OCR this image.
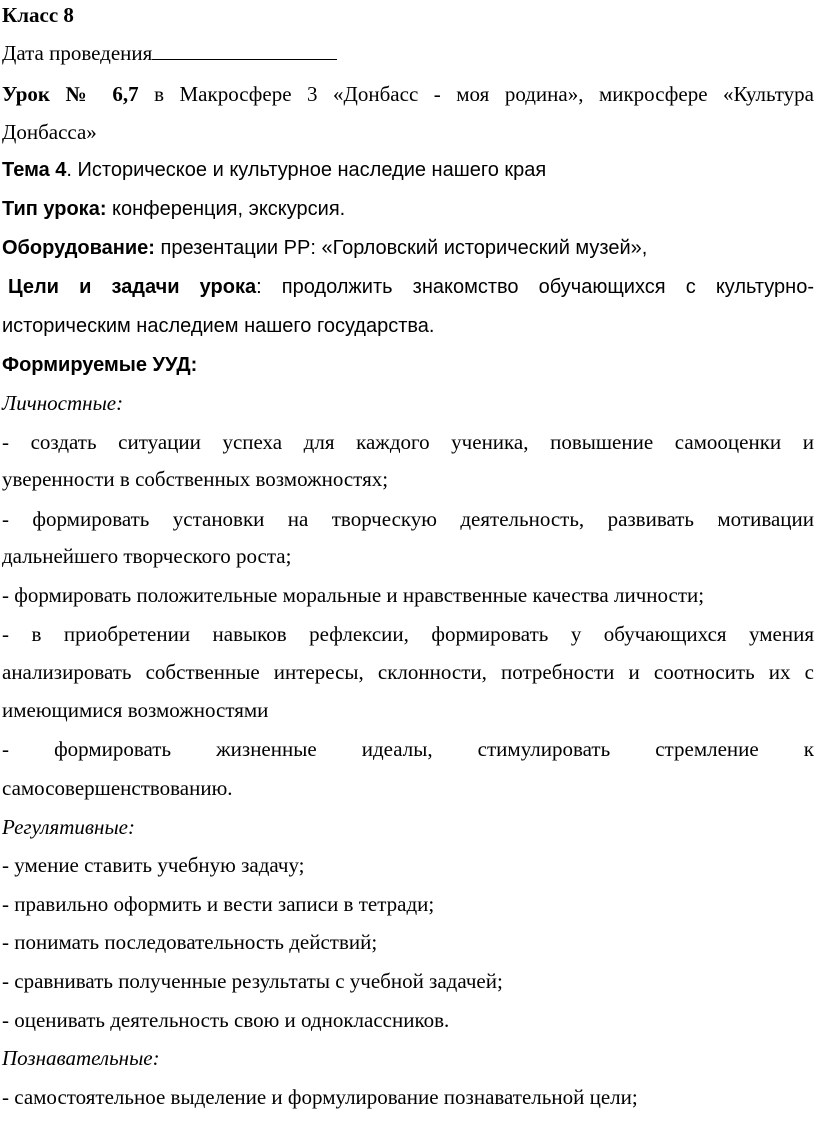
Класс 8
Дата проведения
Урок № 6,7 в Макросфере 3 «Донбасс - моя родина», микросфере «Культура
Донбасса»
Тема 4. Историческое и культурное наследие нашего края
Тип урока: конференция, экскурсия.
Оборудование: презентации PP: «Горловский исторический музей»,
Цели и задачи урока: продолжить знакомство обучающихся с культурно-
историческим наследием нашего государства.
Формируемые УУД:
Личностные:
- создать ситуации успеха для каждого ученика, повышение самооценки и
уверенности в собственных возможностях;
- формировать установки на творческую деятельность, развивать мотивации
дальнейшего творческого роста;
- формировать положительные моральные и нравственные качества личности;
- в приобретении навыков рефлексии, формировать у обучающихся умения
анализировать собственные интересы, склонности, потребности и соотносить их с
имеющимися возможностями
- формировать жизненные идеалы, стимулировать стремление к
самосовершенствованию.
Регулятивные:
- умение ставить учебную задачу;
- правильно оформить и вести записи в тетради;
- понимать последовательность действий;
- сравнивать полученные результаты с учебной задачей;
- оценивать деятельность свою и одноклассников.
Познавательные:
- самостоятельное выделение и формулирование познавательной цели;
